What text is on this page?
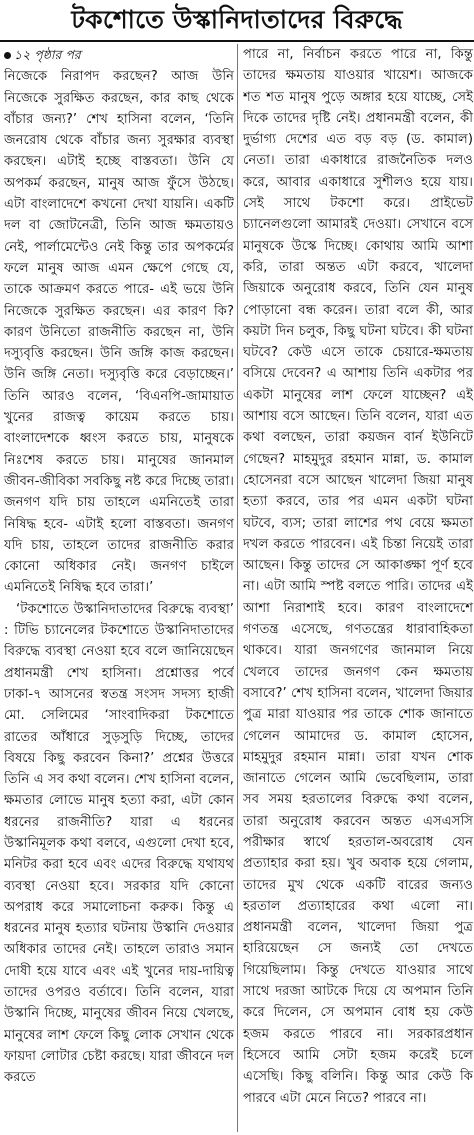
টকশোতে উস্কানিদাতাদের বিরুদ্ধে

১২ পৃষ্ঠার পর
নিজেকে নিরাপদ করছেন? আজ উনি নিজেকে সুরক্ষিত করছেন, কার কাছ থেকে বাঁচার জন্য?’ শেখ হাসিনা বলেন, ‘তিনি জনরোষ থেকে বাঁচার জন্য সুরক্ষার ব্যবস্থা করছেন। এটাই হচ্ছে বাস্তবতা। উনি যে অপকর্ম করছেন, মানুষ আজ ফুঁসে উঠছে। এটা বাংলাদেশে কখনো দেখা যায়নি। একটি দল বা জোটনেত্রী, তিনি আজ ক্ষমতায়ও নেই, পার্লামেন্টেও নেই কিন্তু তার অপকর্মের ফলে মানুষ আজ এমন ক্ষেপে গেছে যে, তাকে আক্রমণ করতে পারে- এই ভয়ে উনি নিজেকে সুরক্ষিত করছেন। এর কারণ কি? কারণ উনিতো রাজনীতি করছেন না, উনি দস্যুবৃত্তি করছেন। উনি জঙ্গি কাজ করছেন। উনি জঙ্গি নেতা। দস্যুবৃত্তি করে বেড়াচ্ছেন।’ তিনি আরও বলেন, ‘বিএনপি-জামায়াত খুনের রাজত্ব কায়েম করতে চায়। বাংলাদেশকে ধ্বংস করতে চায়, মানুষকে নিঃশেষ করতে চায়। মানুষের জানমাল জীবন-জীবিকা সবকিছু নষ্ট করে দিচ্ছে তারা। জনগণ যদি চায় তাহলে এমনিতেই তারা নিষিদ্ধ হবে- এটাই হলো বাস্তবতা। জনগণ যদি চায়, তাহলে তাদের রাজনীতি করার কোনো অধিকার নেই। জনগণ চাইলে এমনিতেই নিষিদ্ধ হবে তারা।’

‘টকশোতে উস্কানিদাতাদের বিরুদ্ধে ব্যবস্থা’ : টিভি চ্যানেলের টকশোতে উস্কানিদাতাদের বিরুদ্ধে ব্যবস্থা নেওয়া হবে বলে জানিয়েছেন প্রধানমন্ত্রী শেখ হাসিনা। প্রশ্নোত্তর পর্বে ঢাকা-৭ আসনের স্বতন্ত্র সংসদ সদস্য হাজী মো. সেলিমের ‘সাংবাদিকরা টকশোতে রাতের আঁধারে সুড়সুড়ি দিচ্ছে, তাদের বিষয়ে কিছু করবেন কিনা?’ প্রশ্নের উত্তরে তিনি এ সব কথা বলেন। শেখ হাসিনা বলেন, ক্ষমতার লোভে মানুষ হত্যা করা, এটা কোন ধরনের রাজনীতি? যারা এ ধরনের উস্কানিমূলক কথা বলবে, এগুলো দেখা হবে, মনিটর করা হবে এবং এদের বিরুদ্ধে যথাযথ ব্যবস্থা নেওয়া হবে। সরকার যদি কোনো অপরাধ করে সমালোচনা করুক। কিন্তু এ ধরনের মানুষ হত্যার ঘটনায় উস্কানি দেওয়ার অধিকার তাদের নেই। তাহলে তারাও সমান দোষী হয়ে যাবে এবং এই খুনের দায়-দায়িত্ব তাদের ওপরও বর্তাবে। তিনি বলেন, যারা উস্কানি দিচ্ছে, মানুষের জীবন নিয়ে খেলছে, মানুষের লাশ ফেলে কিছু লোক সেখান থেকে ফায়দা লোটার চেষ্টা করছে। যারা জীবনে দল করতে

পারে না, নির্বাচন করতে পারে না, কিন্তু তাদের ক্ষমতায় যাওয়ার খায়েশ। আজকে শত শত মানুষ পুড়ে অঙ্গার হয়ে যাচ্ছে, সেই দিকে তাদের দৃষ্টি নেই। প্রধানমন্ত্রী বলেন, কী দুর্ভাগ্য দেশের এত বড় বড় (ড. কামাল) নেতা। তারা একাধারে রাজনৈতিক দলও করে, আবার একাধারে সুশীলও হয়ে যায়। সেই সাথে টকশো করে। প্রাইভেট চ্যানেলগুলো আমারই দেওয়া। সেখানে বসে মানুষকে উস্কে দিচ্ছে। কোথায় আমি আশা করি, তারা অন্তত এটা করবে, খালেদা জিয়াকে অনুরোধ করবে, তিনি যেন মানুষ পোড়ানো বন্ধ করেন। তারা বলে কী, আর কয়টা দিন চলুক, কিছু ঘটনা ঘটবে। কী ঘটনা ঘটবে? কেউ এসে তাকে চেয়ারে-ক্ষমতায় বসিয়ে দেবেন? এ আশায় তিনি একটার পর একটা মানুষের লাশ ফেলে যাচ্ছেন? এই আশায় বসে আছেন। তিনি বলেন, যারা এত কথা বলছেন, তারা কয়জন বার্ন ইউনিটে গেছেন? মাহমুদুর রহমান মান্না, ড. কামাল হোসেনরা বসে আছেন খালেদা জিয়া মানুষ হত্যা করবে, তার পর এমন একটা ঘটনা ঘটবে, ব্যস; তারা লাশের পথ বেয়ে ক্ষমতা দখল করতে পারবেন। এই চিন্তা নিয়েই তারা আছেন। কিন্তু তাদের সে আকাঙ্ক্ষা পূর্ণ হবে না। এটা আমি স্পষ্ট বলতে পারি। তাদের এই আশা নিরাশাই হবে। কারণ বাংলাদেশে গণতন্ত্র এসেছে, গণতন্ত্রের ধারাবাহিকতা থাকবে। যারা জনগণের জানমাল নিয়ে খেলবে তাদের জনগণ কেন ক্ষমতায় বসাবে?’ শেখ হাসিনা বলেন, খালেদা জিয়ার পুত্র মারা যাওয়ার পর তাকে শোক জানাতে গেলেন আমাদের ড. কামাল হোসেন, মাহমুদুর রহমান মান্না। তারা যখন শোক জানাতে গেলেন আমি ভেবেছিলাম, তারা সব সময় হরতালের বিরুদ্ধে কথা বলেন, তারা অনুরোধ করবেন অন্তত এসএসসি পরীক্ষার স্বার্থে হরতাল-অবরোধ যেন প্রত্যাহার করা হয়। খুব অবাক হয়ে গেলাম, তাদের মুখ থেকে একটি বারের জন্যও হরতাল প্রত্যাহারের কথা এলো না। প্রধানমন্ত্রী বলেন, খালেদা জিয়া পুত্র হারিয়েছেন সে জন্যই তো দেখতে গিয়েছিলাম। কিন্তু দেখতে যাওয়ার সাথে সাথে দরজা আটকে দিয়ে যে অপমান তিনি করে দিলেন, সে অপমান বোধ হয় কেউ হজম করতে পারবে না। সরকারপ্রধান হিসেবে আমি সেটা হজম করেই চলে এসেছি। কিছু বলিনি। কিন্তু আর কেউ কি পারবে এটা মেনে নিতে? পারবে না।
